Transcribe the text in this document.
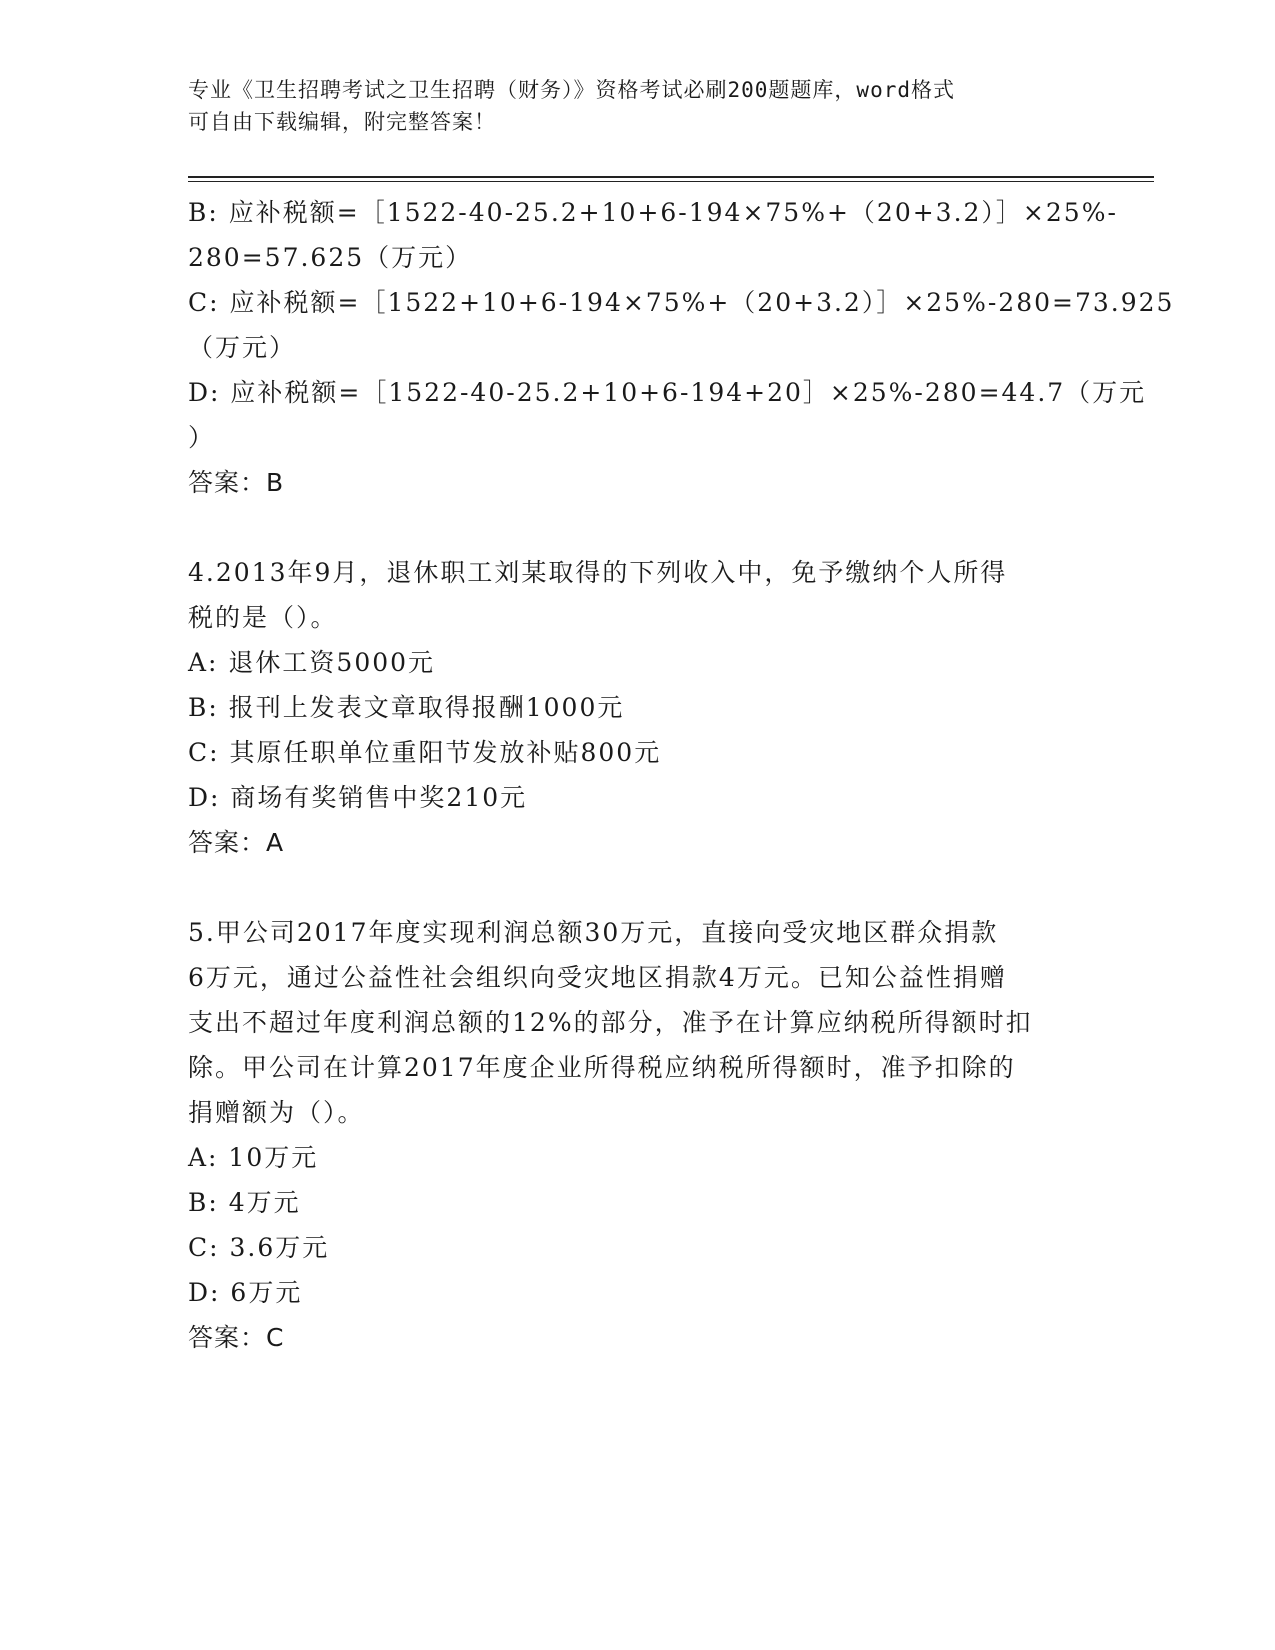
专业《卫生招聘考试之卫生招聘（财务）》资格考试必刷200题题库，word格式
可自由下载编辑，附完整答案！
B: 应补税额=［1522-40-25.2+10+6-194×75%+（20+3.2）］×25%-
280=57.625（万元）
C: 应补税额=［1522+10+6-194×75%+（20+3.2）］×25%-280=73.925
（万元）
D: 应补税额=［1522-40-25.2+10+6-194+20］×25%-280=44.7（万元
）
答案：B
4.2013年9月，退休职工刘某取得的下列收入中，免予缴纳个人所得
税的是（）。
A: 退休工资5000元
B: 报刊上发表文章取得报酬1000元
C: 其原任职单位重阳节发放补贴800元
D: 商场有奖销售中奖210元
答案：A
5.甲公司2017年度实现利润总额30万元，直接向受灾地区群众捐款
6万元，通过公益性社会组织向受灾地区捐款4万元。已知公益性捐赠
支出不超过年度利润总额的12%的部分，准予在计算应纳税所得额时扣
除。甲公司在计算2017年度企业所得税应纳税所得额时，准予扣除的
捐赠额为（）。
A: 10万元
B: 4万元
C: 3.6万元
D: 6万元
答案：C
